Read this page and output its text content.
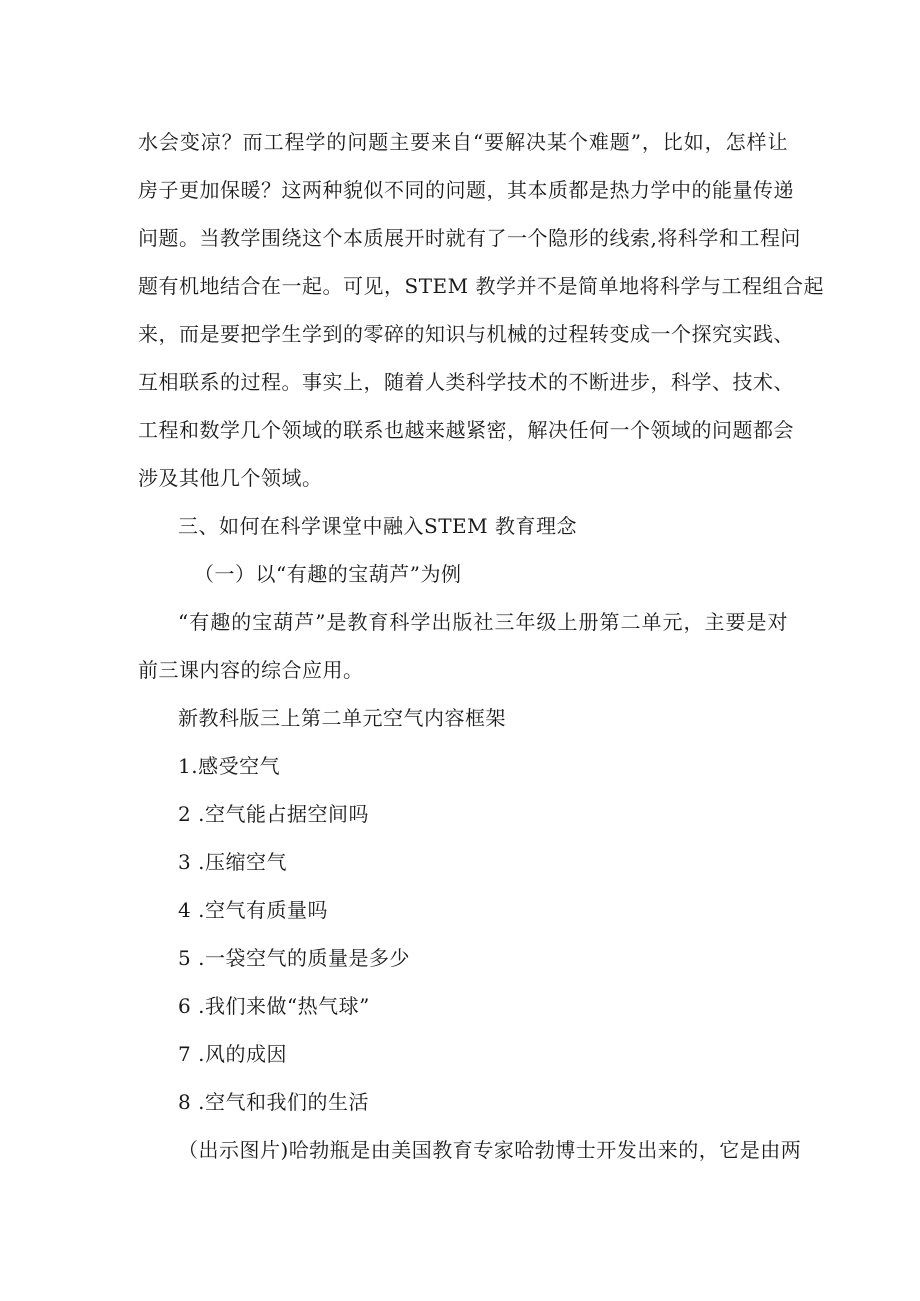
水会变凉？而工程学的问题主要来自“要解决某个难题”，比如，怎样让
房子更加保暖？这两种貌似不同的问题，其本质都是热力学中的能量传递
问题。当教学围绕这个本质展开时就有了一个隐形的线索,将科学和工程问
题有机地结合在一起。可见，STEM 教学并不是简单地将科学与工程组合起
来，而是要把学生学到的零碎的知识与机械的过程转变成一个探究实践、
互相联系的过程。事实上，随着人类科学技术的不断进步，科学、技术、
工程和数学几个领域的联系也越来越紧密，解决任何一个领域的问题都会
涉及其他几个领域。
三、如何在科学课堂中融入STEM 教育理念
（一）以“有趣的宝葫芦”为例
“有趣的宝葫芦”是教育科学出版社三年级上册第二单元，主要是对
前三课内容的综合应用。
新教科版三上第二单元空气内容框架
1.感受空气
2 .空气能占据空间吗
3 .压缩空气
4 .空气有质量吗
5 .一袋空气的质量是多少
6 .我们来做“热气球”
7 .风的成因
8 .空气和我们的生活
（出示图片)哈勃瓶是由美国教育专家哈勃博士开发出来的，它是由两
